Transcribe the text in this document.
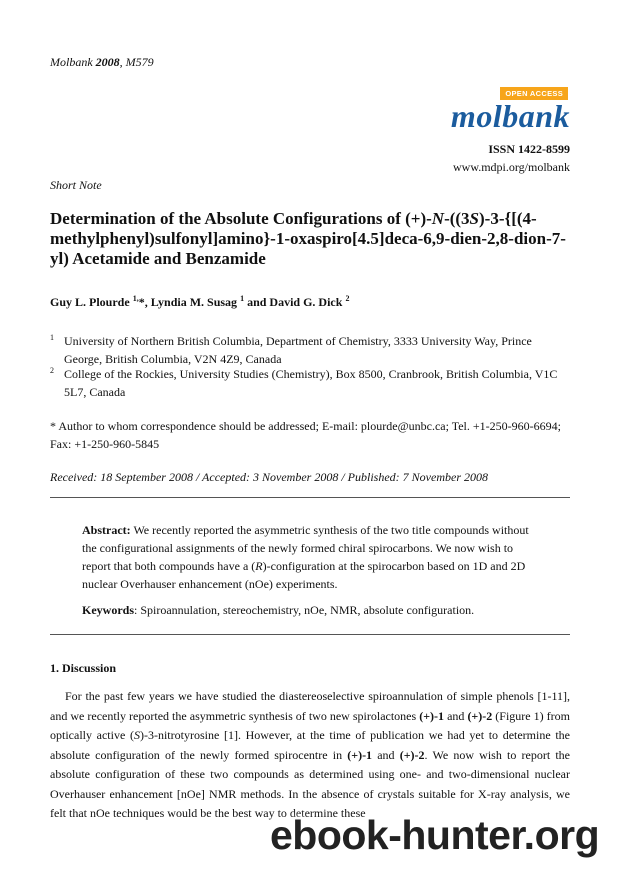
Molbank 2008, M579
OPEN ACCESS
molbank
ISSN 1422-8599
www.mdpi.org/molbank
Short Note
Determination of the Absolute Configurations of (+)-N-((3S)-3-{[(4-methylphenyl)sulfonyl]amino}-1-oxaspiro[4.5]deca-6,9-dien-2,8-dion-7-yl) Acetamide and Benzamide
Guy L. Plourde $^{1,}$*, Lyndia M. Susag $^1$ and David G. Dick $^2$
1 University of Northern British Columbia, Department of Chemistry, 3333 University Way, Prince George, British Columbia, V2N 4Z9, Canada
2 College of the Rockies, University Studies (Chemistry), Box 8500, Cranbrook, British Columbia, V1C 5L7, Canada
* Author to whom correspondence should be addressed; E-mail: plourde@unbc.ca; Tel. +1-250-960-6694; Fax: +1-250-960-5845
Received: 18 September 2008 / Accepted: 3 November 2008 / Published: 7 November 2008
Abstract: We recently reported the asymmetric synthesis of the two title compounds without the configurational assignments of the newly formed chiral spirocarbons. We now wish to report that both compounds have a (R)-configuration at the spirocarbon based on 1D and 2D nuclear Overhauser enhancement (nOe) experiments.
Keywords: Spiroannulation, stereochemistry, nOe, NMR, absolute configuration.
1. Discussion

For the past few years we have studied the diastereoselective spiroannulation of simple phenols [1-11], and we recently reported the asymmetric synthesis of two new spirolactones (+)-1 and (+)-2 (Figure 1) from optically active (S)-3-nitrotyrosine [1]. However, at the time of publication we had yet to determine the absolute configuration of the newly formed spirocentre in (+)-1 and (+)-2. We now wish to report the absolute configuration of these two compounds as determined using one- and two-dimensional nuclear Overhauser enhancement [nOe] NMR methods. In the absence of crystals suitable for X-ray analysis, we felt that nOe techniques would be the best way to determine these

ebook-hunter.org
